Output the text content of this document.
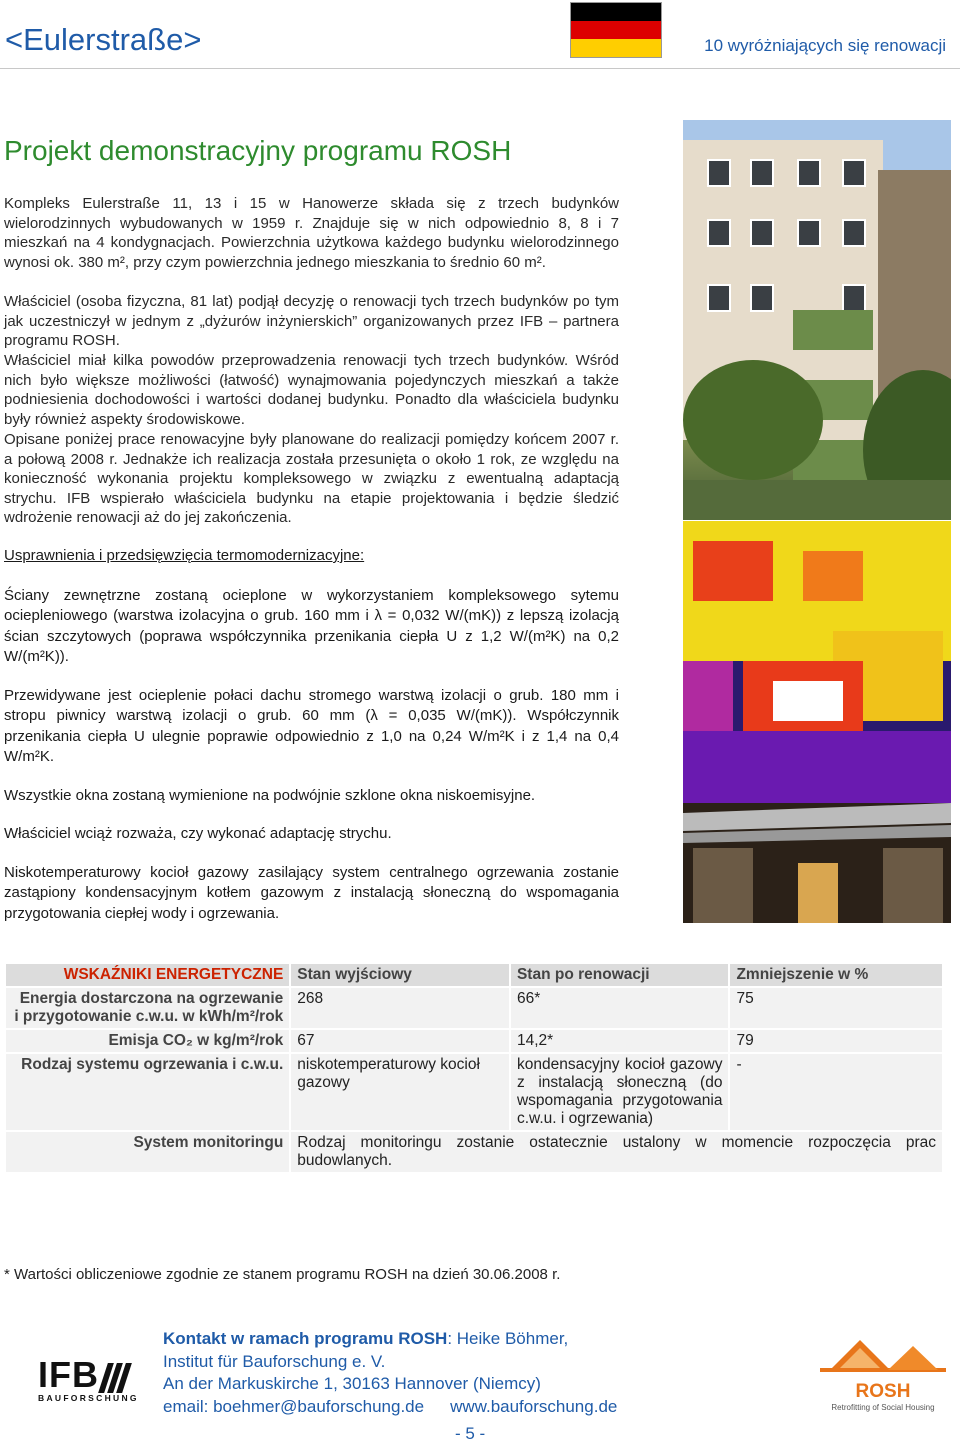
<Eulerstraße>	10 wyróżniających się renowacji
Projekt demonstracyjny programu ROSH
Kompleks Eulerstraße 11, 13 i 15 w Hanowerze składa się z trzech budynków wielorodzinnych wybudowanych w 1959 r. Znajduje się w nich odpowiednio 8, 8 i 7 mieszkań na 4 kondygnacjach. Powierzchnia użytkowa każdego budynku wielorodzinnego wynosi ok. 380 m², przy czym powierzchnia jednego mieszkania to średnio 60 m².
Właściciel (osoba fizyczna, 81 lat) podjął decyzję o renowacji tych trzech budynków po tym jak uczestniczył w jednym z „dyżurów inżynierskich” organizowanych przez IFB – partnera programu ROSH.
Właściciel miał kilka powodów przeprowadzenia renowacji tych trzech budynków. Wśród nich było większe możliwości (łatwość) wynajmowania pojedynczych mieszkań a także podniesienia dochodowości i wartości dodanej budynku. Ponadto dla właściciela budynku były również aspekty środowiskowe.
Opisane poniżej prace renowacyjne były planowane do realizacji pomiędzy końcem 2007 r. a połową 2008 r. Jednakże ich realizacja została przesunięta o około 1 rok, ze względu na konieczność wykonania projektu kompleksowego w związku z ewentualną adaptacją strychu. IFB wspierało właściciela budynku na etapie projektowania i będzie śledzić wdrożenie renowacji aż do jej zakończenia.
Usprawnienia i przedsięwzięcia termomodernizacyjne:
Ściany zewnętrzne zostaną ocieplone w wykorzystaniem kompleksowego sytemu ociepleniowego (warstwa izolacyjna o grub. 160 mm i λ = 0,032 W/(mK)) z lepszą izolacją ścian szczytowych (poprawa współczynnika przenikania ciepła U z 1,2 W/(m²K) na 0,2 W/(m²K)).
Przewidywane jest ocieplenie połaci dachu stromego warstwą izolacji o grub. 180 mm i stropu piwnicy warstwą izolacji o grub. 60 mm (λ = 0,035 W/(mK)). Współczynnik przenikania ciepła U ulegnie poprawie odpowiednio z 1,0 na 0,24 W/m²K i z 1,4 na 0,4 W/m²K.
Wszystkie okna zostaną wymienione na podwójnie szklone okna niskoemisyjne.
Właściciel wciąż rozważa, czy wykonać adaptację strychu.
Niskotemperaturowy kocioł gazowy zasilający system centralnego ogrzewania zostanie zastąpiony kondensacyjnym kotłem gazowym z instalacją słoneczną do wspomagania przygotowania ciepłej wody i ogrzewania.
WSKAŹNIKI ENERGETYCZNE	Stan wyjściowy	Stan po renowacji	Zmniejszenie w %
Energia dostarczona na ogrzewanie i przygotowanie c.w.u. w kWh/m²/rok	268	66*	75
Emisja CO₂ w kg/m²/rok	67	14,2*	79
Rodzaj systemu ogrzewania i c.w.u.	niskotemperaturowy kocioł gazowy	kondensacyjny kocioł gazowy z instalacją słoneczną (do wspomagania przygotowania c.w.u. i ogrzewania)	-
System monitoringu	Rodzaj monitoringu zostanie ostatecznie ustalony w momencie rozpoczęcia prac budowlanych.		
* Wartości obliczeniowe zgodnie ze stanem programu ROSH na dzień 30.06.2008 r.
IFB
BAUFORSCHUNG
Kontakt w ramach programu ROSH: Heike Böhmer,
Institut für Bauforschung e. V.
An der Markuskirche 1, 30163 Hannover (Niemcy)
email: boehmer@bauforschung.de www.bauforschung.de
ROSH
Retrofitting of Social Housing
- 5 -
